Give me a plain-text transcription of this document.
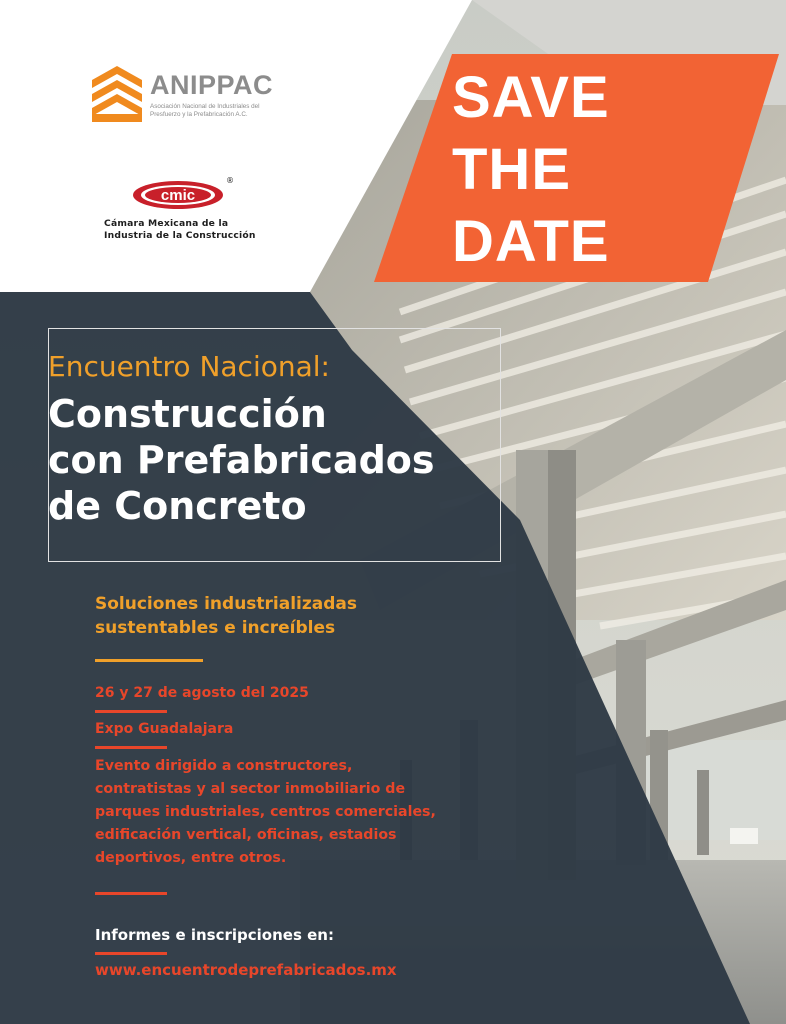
ANIPPAC
Asociación Nacional de Industriales del
Presfuerzo y la Prefabricación A.C.
cmic
®
Cámara Mexicana de la
Industria de la Construcción
SAVE
THE
DATE
Encuentro Nacional:
Construcción
con Prefabricados
de Concreto
Soluciones industrializadas
sustentables e increíbles
26 y 27 de agosto del 2025
Expo Guadalajara
Evento dirigido a constructores,
contratistas y al sector inmobiliario de
parques industriales, centros comerciales,
edificación vertical, oficinas, estadios
deportivos, entre otros.
Informes e inscripciones en:
www.encuentrodeprefabricados.mx
